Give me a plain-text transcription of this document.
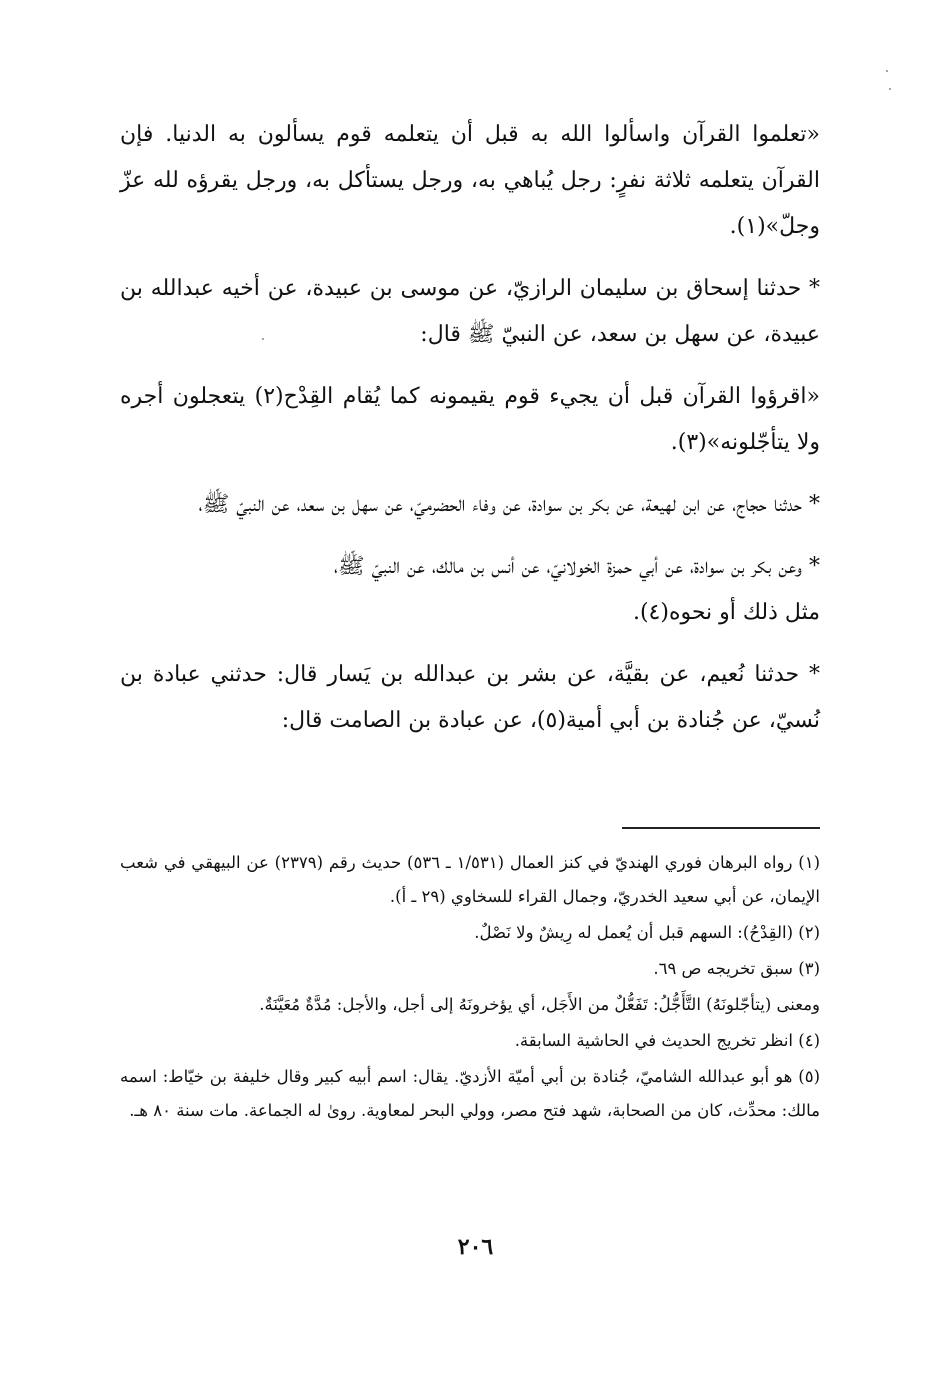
«تعلموا القرآن واسألوا الله به قبل أن يتعلمه قوم يسألون به الدنيا. فإن القرآن يتعلمه ثلاثة نفرٍ: رجل يُباهي به، ورجل يستأكل به، ورجل يقرؤه لله عزّ وجلّ»(١).

* حدثنا إسحاق بن سليمان الرازيّ، عن موسى بن عبيدة، عن أخيه عبدالله بن عبيدة، عن سهل بن سعد، عن النبيّ ﷺ قال:

«اقرؤوا القرآن قبل أن يجيء قوم يقيمونه كما يُقام القِدْح(٢) يتعجلون أجره ولا يتأجّلونه»(٣).

* حدثنا حجاج، عن ابن لهيعة، عن بكر بن سوادة، عن وفاء الحضرميّ، عن سهل بن سعد، عن النبيّ ﷺ،

* وعن بكر بن سوادة، عن أبي حمزة الخولانيّ، عن أنس بن مالك، عن النبيّ ﷺ،

مثل ذلك أو نحوه(٤).

* حدثنا نُعيم، عن بقيَّة، عن بشر بن عبدالله بن يَسار قال: حدثني عبادة بن نُسيّ، عن جُنادة بن أبي أمية(٥)، عن عبادة بن الصامت قال:

(١) رواه البرهان فوري الهنديّ في كنز العمال (١/٥٣١ ـ ٥٣٦) حديث رقم (٢٣٧٩) عن البيهقي في شعب الإيمان، عن أبي سعيد الخدريّ، وجمال القراء للسخاوي (٢٩ ـ أ).

(٢) (القِدْحُ): السهم قبل أن يُعمل له رِيشٌ ولا نَصْلٌ.

(٣) سبق تخريجه ص ٦٩.

ومعنى (يتأجّلونَهُ) التَّأَجُّلُ: تَفَعُّلٌ من الأَجَل، أي يؤخرونَهُ إلى أجل، والأجل: مُدَّةٌ مُعَيَّنَةٌ.

(٤) انظر تخريج الحديث في الحاشية السابقة.

(٥) هو أبو عبدالله الشاميّ، جُنادة بن أبي أميّة الأزديّ. يقال: اسم أبيه كبير وقال خليفة بن خيّاط: اسمه مالك: محدِّث، كان من الصحابة، شهد فتح مصر، وولي البحر لمعاوية. روىٰ له الجماعة. مات سنة ٨٠ هـ.

٢٠٦
